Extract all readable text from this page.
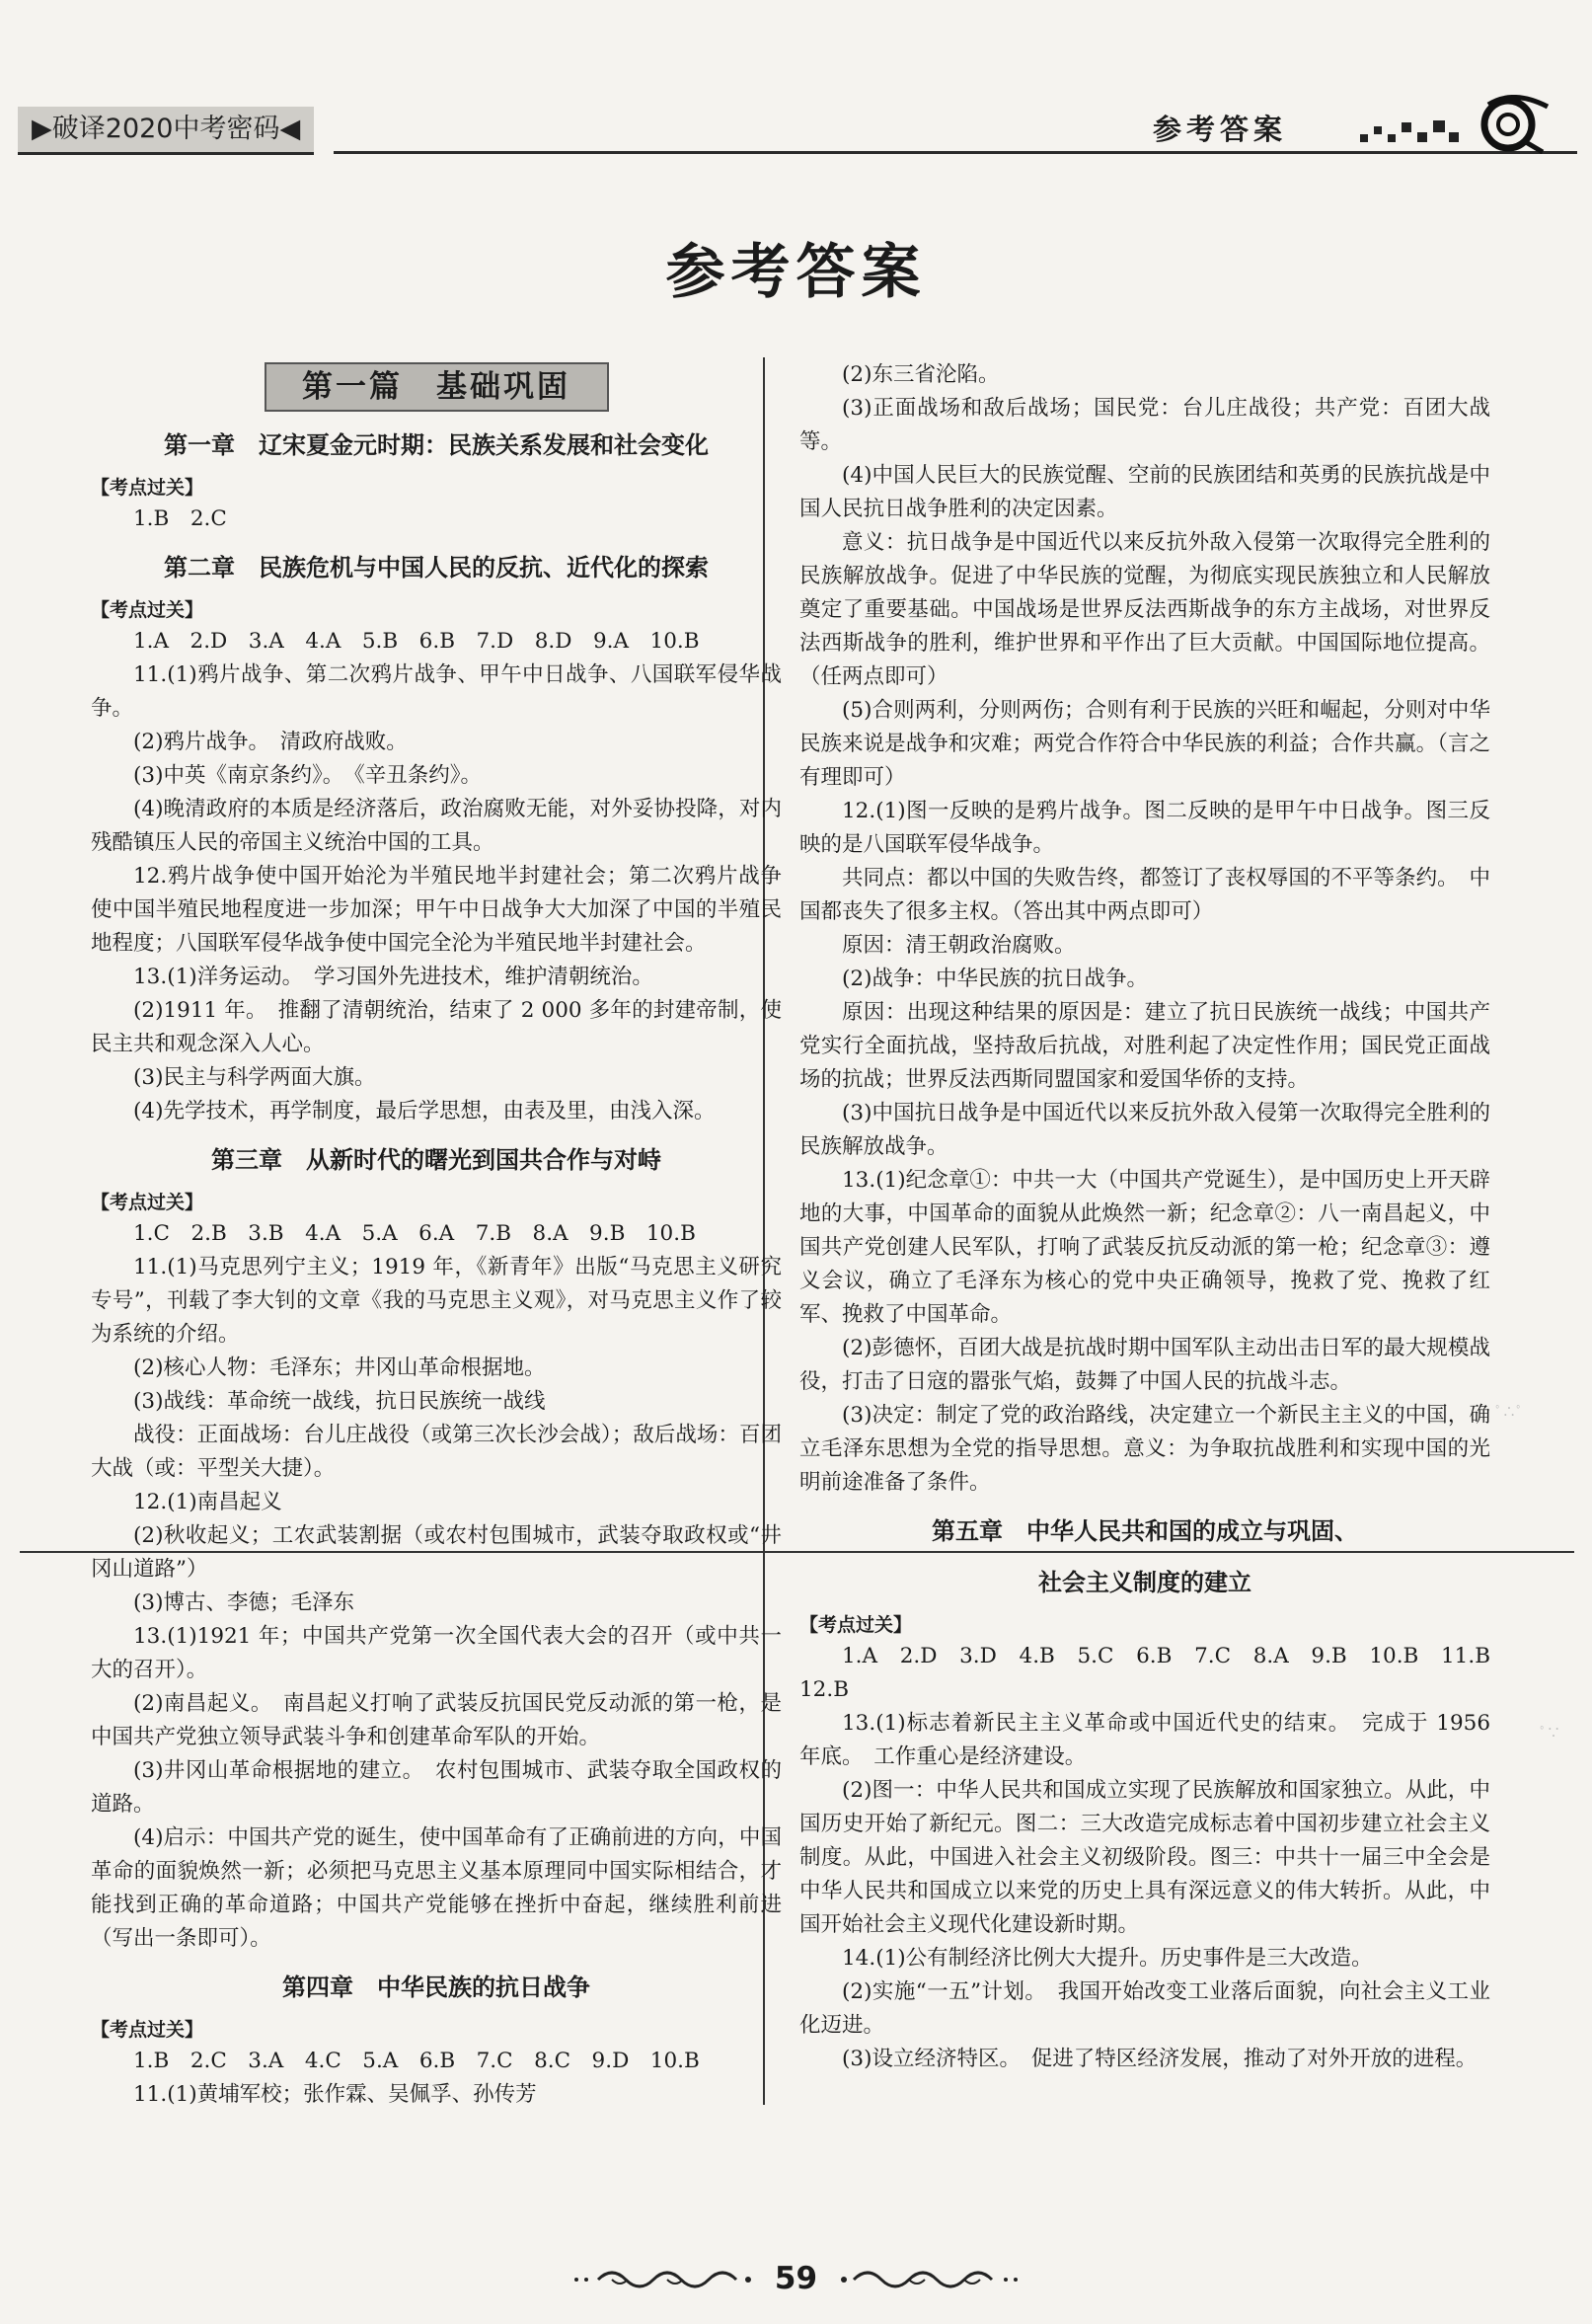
▶破译2020中考密码◀	参考答案
参考答案
第一篇　基础巩固
第一章　辽宋夏金元时期：民族关系发展和社会变化
【考点过关】
1.B　2.C
第二章　民族危机与中国人民的反抗、近代化的探索
【考点过关】
1.A　2.D　3.A　4.A　5.B　6.B　7.D　8.D　9.A　10.B
11.(1)鸦片战争、第二次鸦片战争、甲午中日战争、八国联军侵华战争。
(2)鸦片战争。　清政府战败。
(3)中英《南京条约》。　《辛丑条约》。
(4)晚清政府的本质是经济落后，政治腐败无能，对外妥协投降，对内残酷镇压人民的帝国主义统治中国的工具。
12.鸦片战争使中国开始沦为半殖民地半封建社会；第二次鸦片战争使中国半殖民地程度进一步加深；甲午中日战争大大加深了中国的半殖民地程度；八国联军侵华战争使中国完全沦为半殖民地半封建社会。
13.(1)洋务运动。　学习国外先进技术，维护清朝统治。
(2)1911 年。　推翻了清朝统治，结束了 2 000 多年的封建帝制，使民主共和观念深入人心。
(3)民主与科学两面大旗。
(4)先学技术，再学制度，最后学思想，由表及里，由浅入深。
第三章　从新时代的曙光到国共合作与对峙
【考点过关】
1.C　2.B　3.B　4.A　5.A　6.A　7.B　8.A　9.B　10.B
11.(1)马克思列宁主义；1919 年，《新青年》出版“马克思主义研究专号”，刊载了李大钊的文章《我的马克思主义观》，对马克思主义作了较为系统的介绍。
(2)核心人物：毛泽东；井冈山革命根据地。
(3)战线：革命统一战线，抗日民族统一战线
战役：正面战场：台儿庄战役（或第三次长沙会战）；敌后战场：百团大战（或：平型关大捷）。
12.(1)南昌起义
(2)秋收起义；工农武装割据（或农村包围城市，武装夺取政权或“井冈山道路”）
(3)博古、李德；毛泽东
13.(1)1921 年；中国共产党第一次全国代表大会的召开（或中共一大的召开）。
(2)南昌起义。　南昌起义打响了武装反抗国民党反动派的第一枪，是中国共产党独立领导武装斗争和创建革命军队的开始。
(3)井冈山革命根据地的建立。　农村包围城市、武装夺取全国政权的道路。
(4)启示：中国共产党的诞生，使中国革命有了正确前进的方向，中国革命的面貌焕然一新；必须把马克思主义基本原理同中国实际相结合，才能找到正确的革命道路；中国共产党能够在挫折中奋起，继续胜利前进（写出一条即可）。
第四章　中华民族的抗日战争
【考点过关】
1.B　2.C　3.A　4.C　5.A　6.B　7.C　8.C　9.D　10.B
11.(1)黄埔军校；张作霖、吴佩孚、孙传芳
(2)东三省沦陷。
(3)正面战场和敌后战场；国民党：台儿庄战役；共产党：百团大战等。
(4)中国人民巨大的民族觉醒、空前的民族团结和英勇的民族抗战是中国人民抗日战争胜利的决定因素。
意义：抗日战争是中国近代以来反抗外敌入侵第一次取得完全胜利的民族解放战争。促进了中华民族的觉醒，为彻底实现民族独立和人民解放奠定了重要基础。中国战场是世界反法西斯战争的东方主战场，对世界反法西斯战争的胜利，维护世界和平作出了巨大贡献。中国国际地位提高。（任两点即可）
(5)合则两利，分则两伤；合则有利于民族的兴旺和崛起，分则对中华民族来说是战争和灾难；两党合作符合中华民族的利益；合作共赢。（言之有理即可）
12.(1)图一反映的是鸦片战争。图二反映的是甲午中日战争。图三反映的是八国联军侵华战争。
共同点：都以中国的失败告终，都签订了丧权辱国的不平等条约。　中国都丧失了很多主权。（答出其中两点即可）
原因：清王朝政治腐败。
(2)战争：中华民族的抗日战争。
原因：出现这种结果的原因是：建立了抗日民族统一战线；中国共产党实行全面抗战，坚持敌后抗战，对胜利起了决定性作用；国民党正面战场的抗战；世界反法西斯同盟国家和爱国华侨的支持。
(3)中国抗日战争是中国近代以来反抗外敌入侵第一次取得完全胜利的民族解放战争。
13.(1)纪念章①：中共一大（中国共产党诞生），是中国历史上开天辟地的大事，中国革命的面貌从此焕然一新；纪念章②：八一南昌起义，中国共产党创建人民军队，打响了武装反抗反动派的第一枪；纪念章③：遵义会议，确立了毛泽东为核心的党中央正确领导，挽救了党、挽救了红军、挽救了中国革命。
(2)彭德怀，百团大战是抗战时期中国军队主动出击日军的最大规模战役，打击了日寇的嚣张气焰，鼓舞了中国人民的抗战斗志。
(3)决定：制定了党的政治路线，决定建立一个新民主主义的中国，确立毛泽东思想为全党的指导思想。意义：为争取抗战胜利和实现中国的光明前途准备了条件。
第五章　中华人民共和国的成立与巩固、
社会主义制度的建立
【考点过关】
1.A　2.D　3.D　4.B　5.C　6.B　7.C　8.A　9.B　10.B　11.B　12.B
13.(1)标志着新民主主义革命或中国近代史的结束。　完成于 1956 年底。　工作重心是经济建设。
(2)图一：中华人民共和国成立实现了民族解放和国家独立。从此，中国历史开始了新纪元。图二：三大改造完成标志着中国初步建立社会主义制度。从此，中国进入社会主义初级阶段。图三：中共十一届三中全会是中华人民共和国成立以来党的历史上具有深远意义的伟大转折。从此，中国开始社会主义现代化建设新时期。
14.(1)公有制经济比例大大提升。历史事件是三大改造。
(2)实施“一五”计划。　我国开始改变工业落后面貌，向社会主义工业化迈进。
(3)设立经济特区。　促进了特区经济发展，推动了对外开放的进程。
ﾟ∴ﾟ
ﾟ∵
59
